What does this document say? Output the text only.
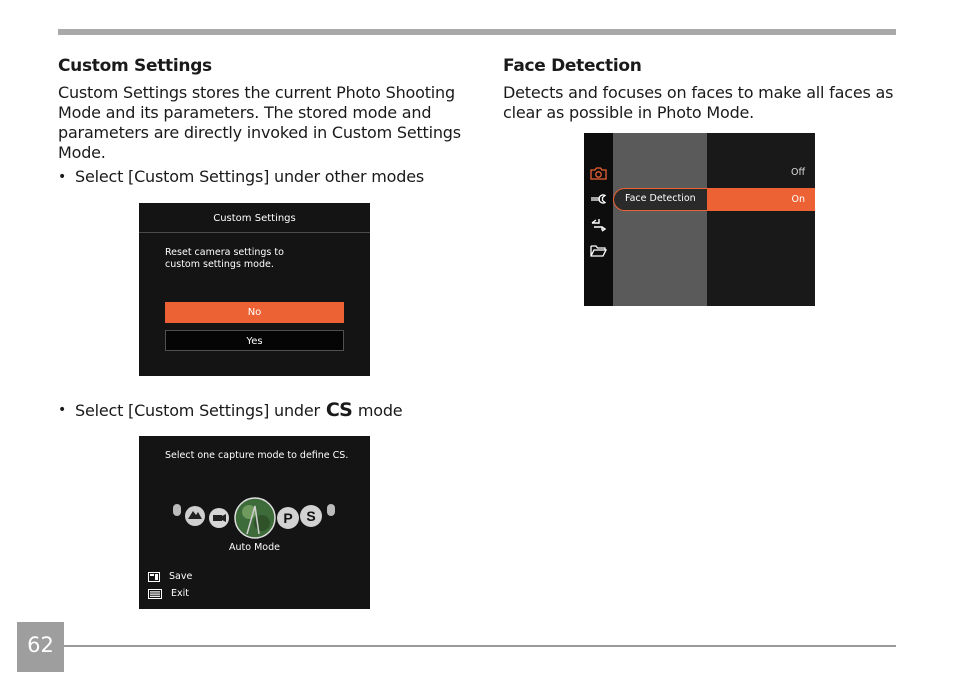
Custom Settings
Custom Settings stores the current Photo Shooting
Mode and its parameters. The stored mode and
parameters are directly invoked in Custom Settings
Mode.
• Select [Custom Settings] under other modes
Custom Settings
Reset camera settings to
custom settings mode.
No
Yes
• Select [Custom Settings] under CS mode
Select one capture mode to define CS.
P S
Auto Mode
Save
Exit
Face Detection
Detects and focuses on faces to make all faces as
clear as possible in Photo Mode.
Off
On
Face Detection
62
